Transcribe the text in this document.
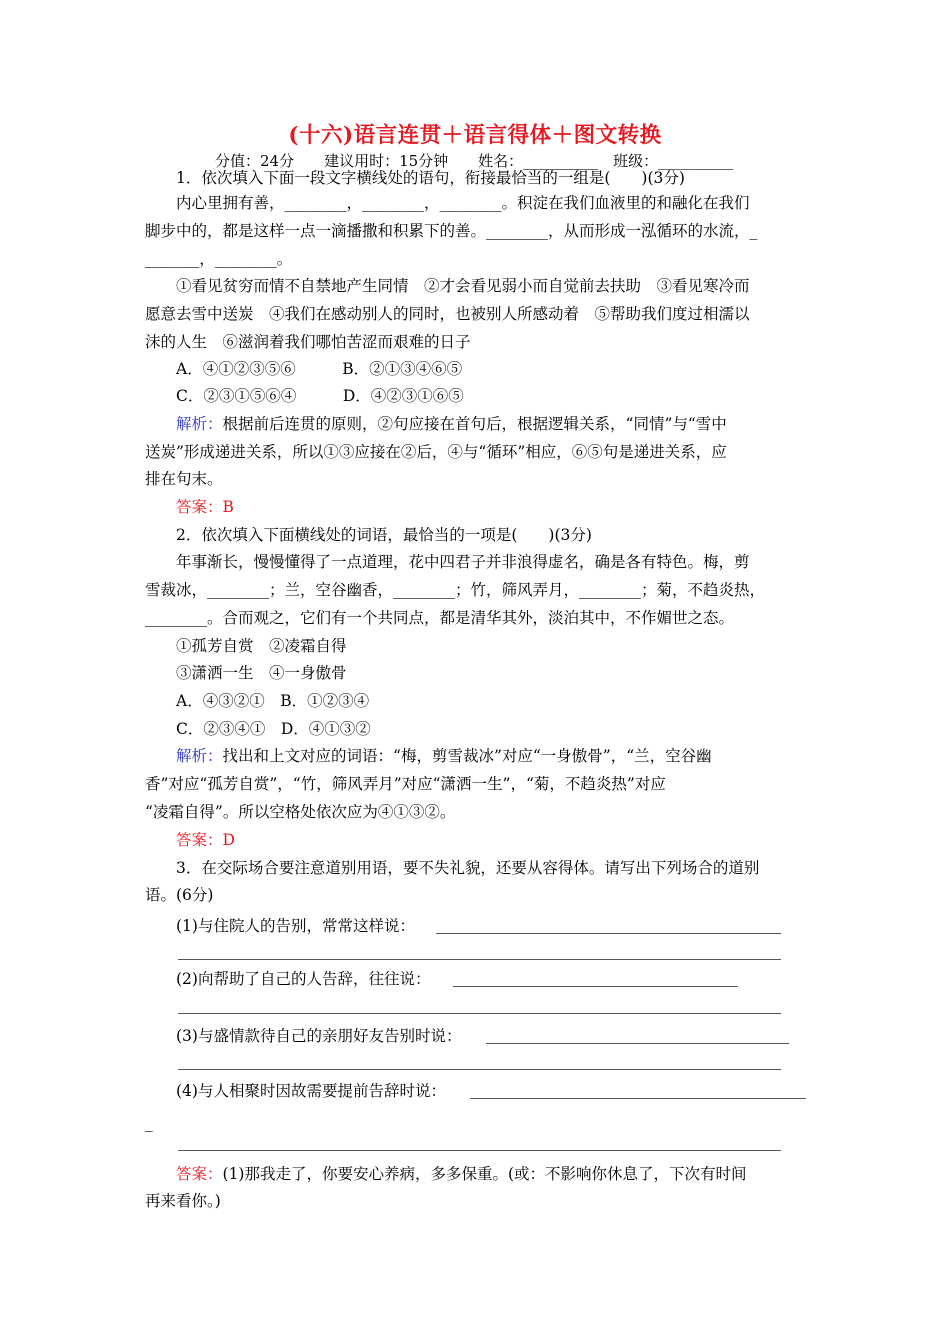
(十六)语言连贯＋语言得体＋图文转换
分值：24分　　建议用时：15分钟　　姓名：__________　班级：__________
1．依次填入下面一段文字横线处的语句，衔接最恰当的一组是(　　)(3分)
内心里拥有善，________，________，________。积淀在我们血液里的和融化在我们
脚步中的，都是这样一点一滴播撒和积累下的善。________，从而形成一泓循环的水流，_
_______，________。
①看见贫穷而情不自禁地产生同情　②才会看见弱小而自觉前去扶助　③看见寒冷而
愿意去雪中送炭　④我们在感动别人的同时，也被别人所感动着　⑤帮助我们度过相濡以
沫的人生　⑥滋润着我们哪怕苦涩而艰难的日子
A．④①②③⑤⑥　　　B．②①③④⑥⑤
C．②③①⑤⑥④　　　D．④②③①⑥⑤
解析：根据前后连贯的原则，②句应接在首句后，根据逻辑关系，“同情”与“雪中
送炭”形成递进关系，所以①③应接在②后，④与“循环”相应，⑥⑤句是递进关系，应
排在句末。
答案：B
2．依次填入下面横线处的词语，最恰当的一项是(　　)(3分)
年事渐长，慢慢懂得了一点道理，花中四君子并非浪得虚名，确是各有特色。梅，剪
雪裁冰，________；兰，空谷幽香，________；竹，筛风弄月，________；菊，不趋炎热，
________。合而观之，它们有一个共同点，都是清华其外，淡泊其中，不作媚世之态。
①孤芳自赏　②凌霜自得
③潇洒一生　④一身傲骨
A．④③②①　B．①②③④
C．②③④①　D．④①③②
解析：找出和上文对应的词语：“梅，剪雪裁冰”对应“一身傲骨”，“兰，空谷幽
香”对应“孤芳自赏”，“竹，筛风弄月”对应“潇洒一生”，“菊，不趋炎热”对应
“凌霜自得”。所以空格处依次应为④①③②。
答案：D
3．在交际场合要注意道别用语，要不失礼貌，还要从容得体。请写出下列场合的道别
语。(6分)
(1)与住院人的告别，常常这样说：
(2)向帮助了自己的人告辞，往往说：
(3)与盛情款待自己的亲朋好友告别时说：
(4)与人相聚时因故需要提前告辞时说：
_
答案：(1)那我走了，你要安心养病，多多保重。(或：不影响你休息了，下次有时间
再来看你。)
